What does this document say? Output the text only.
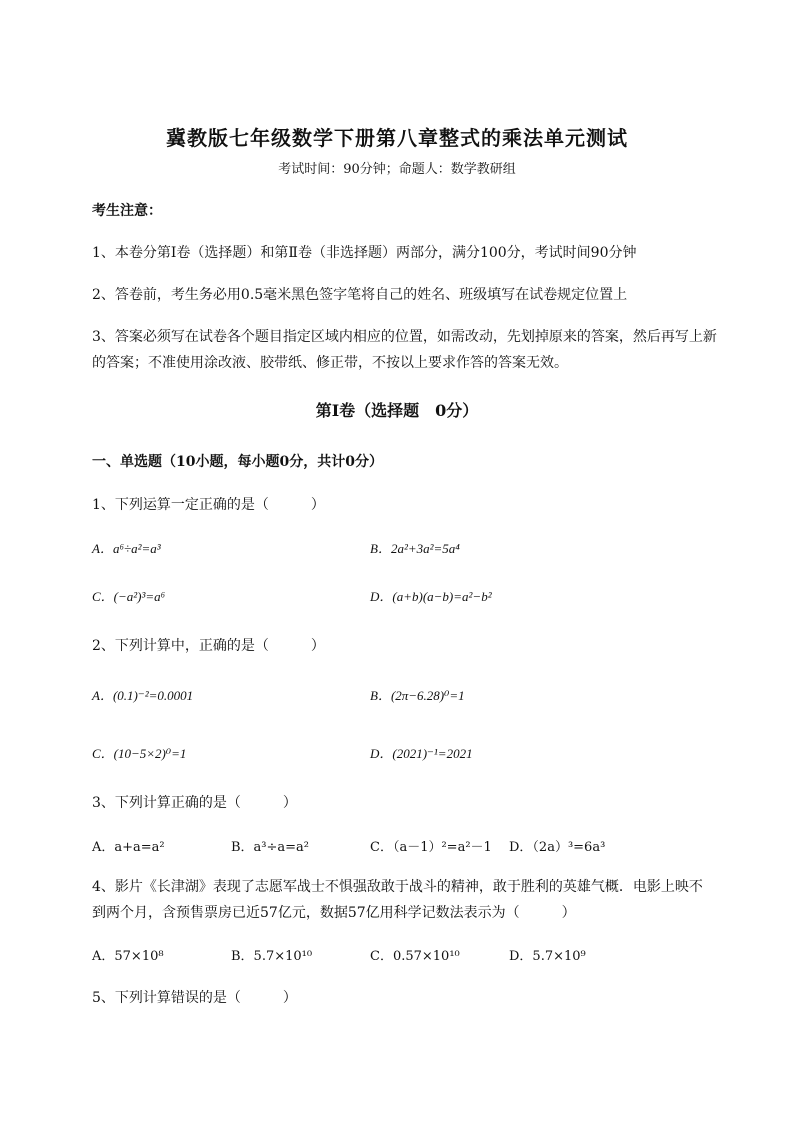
冀教版七年级数学下册第八章整式的乘法单元测试
考试时间：90分钟；命题人：数学教研组
考生注意：
1、本卷分第I卷（选择题）和第Ⅱ卷（非选择题）两部分，满分100分，考试时间90分钟
2、答卷前，考生务必用0.5毫米黑色签字笔将自己的姓名、班级填写在试卷规定位置上
3、答案必须写在试卷各个题目指定区域内相应的位置，如需改动，先划掉原来的答案，然后再写上新
的答案；不准使用涂改液、胶带纸、修正带，不按以上要求作答的答案无效。
第I卷（选择题　0分）
一、单选题（10小题，每小题0分，共计0分）
1、下列运算一定正确的是（　　　）
A．a⁶÷a²=a³	B．2a²+3a²=5a⁴
C．(−a²)³=a⁶	D．(a+b)(a−b)=a²−b²
2、下列计算中，正确的是（　　　）
A．(0.1)⁻²=0.0001	B．(2π−6.28)⁰=1
C．(10−5×2)⁰=1	D．(2021)⁻¹=2021
3、下列计算正确的是（　　　）
A．a+a=a²	B．a³÷a=a²	C．（a－1）²=a²－1 D．（2a）³=6a³
4、影片《长津湖》表现了志愿军战士不惧强敌敢于战斗的精神，敢于胜利的英雄气概．电影上映不
到两个月，含预售票房已近57亿元，数据57亿用科学记数法表示为（　　　）
A．57×10⁸	B．5.7×10¹⁰	C．0.57×10¹⁰	D．5.7×10⁹
5、下列计算错误的是（　　　）
